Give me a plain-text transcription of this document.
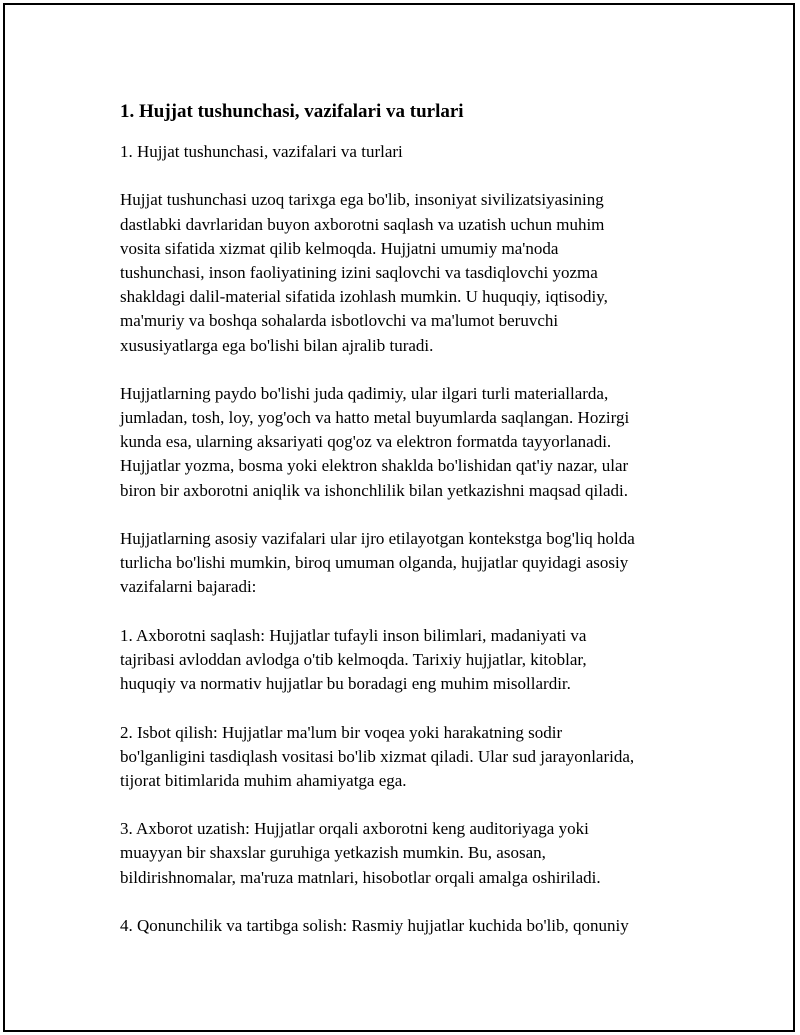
1. Hujjat tushunchasi, vazifalari va turlari

1. Hujjat tushunchasi, vazifalari va turlari

Hujjat tushunchasi uzoq tarixga ega bo'lib, insoniyat sivilizatsiyasining
dastlabki davrlaridan buyon axborotni saqlash va uzatish uchun muhim
vosita sifatida xizmat qilib kelmoqda. Hujjatni umumiy ma'noda
tushunchasi, inson faoliyatining izini saqlovchi va tasdiqlovchi yozma
shakldagi dalil-material sifatida izohlash mumkin. U huquqiy, iqtisodiy,
ma'muriy va boshqa sohalarda isbotlovchi va ma'lumot beruvchi
xususiyatlarga ega bo'lishi bilan ajralib turadi.

Hujjatlarning paydo bo'lishi juda qadimiy, ular ilgari turli materiallarda,
jumladan, tosh, loy, yog'och va hatto metal buyumlarda saqlangan. Hozirgi
kunda esa, ularning aksariyati qog'oz va elektron formatda tayyorlanadi.
Hujjatlar yozma, bosma yoki elektron shaklda bo'lishidan qat'iy nazar, ular
biron bir axborotni aniqlik va ishonchlilik bilan yetkazishni maqsad qiladi.

Hujjatlarning asosiy vazifalari ular ijro etilayotgan kontekstga bog'liq holda
turlicha bo'lishi mumkin, biroq umuman olganda, hujjatlar quyidagi asosiy
vazifalarni bajaradi:

1. Axborotni saqlash: Hujjatlar tufayli inson bilimlari, madaniyati va
tajribasi avloddan avlodga o'tib kelmoqda. Tarixiy hujjatlar, kitoblar,
huquqiy va normativ hujjatlar bu boradagi eng muhim misollardir.

2. Isbot qilish: Hujjatlar ma'lum bir voqea yoki harakatning sodir
bo'lganligini tasdiqlash vositasi bo'lib xizmat qiladi. Ular sud jarayonlarida,
tijorat bitimlarida muhim ahamiyatga ega.

3. Axborot uzatish: Hujjatlar orqali axborotni keng auditoriyaga yoki
muayyan bir shaxslar guruhiga yetkazish mumkin. Bu, asosan,
bildirishnomalar, ma'ruza matnlari, hisobotlar orqali amalga oshiriladi.

4. Qonunchilik va tartibga solish: Rasmiy hujjatlar kuchida bo'lib, qonuniy
